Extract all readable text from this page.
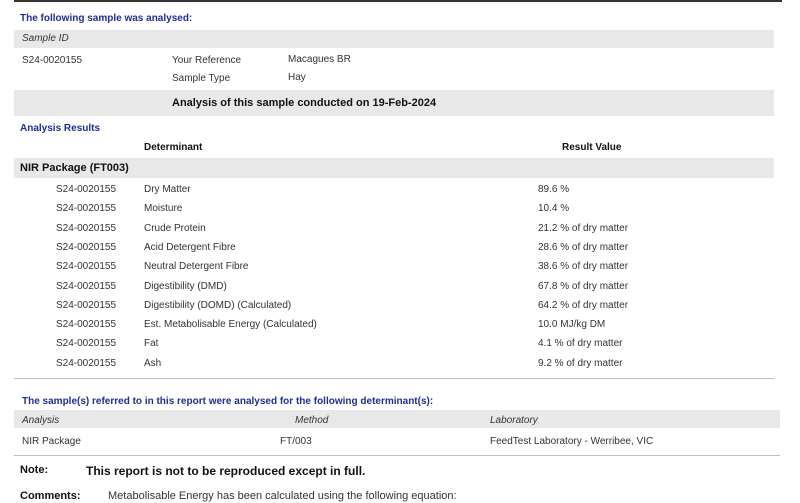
The following sample was analysed:
Sample ID
S24-0020155	Your Reference	Macagues BR
Sample Type	Hay
Analysis of this sample conducted on 19-Feb-2024
Analysis Results
Determinant	Result Value
NIR Package (FT003)
S24-0020155	Dry Matter	89.6 %
S24-0020155	Moisture	10.4 %
S24-0020155	Crude Protein	21.2 % of dry matter
S24-0020155	Acid Detergent Fibre	28.6 % of dry matter
S24-0020155	Neutral Detergent Fibre	38.6 % of dry matter
S24-0020155	Digestibility (DMD)	67.8 % of dry matter
S24-0020155	Digestibility (DOMD) (Calculated)	64.2 % of dry matter
S24-0020155	Est. Metabolisable Energy (Calculated)	10.0 MJ/kg DM
S24-0020155	Fat	4.1 % of dry matter
S24-0020155	Ash	9.2 % of dry matter
The sample(s) referred to in this report were analysed for the following determinant(s):
Analysis	Method	Laboratory
NIR Package	FT/003	FeedTest Laboratory - Werribee, VIC
Note:	This report is not to be reproduced except in full.
Comments: Metabolisable Energy has been calculated using the following equation:
